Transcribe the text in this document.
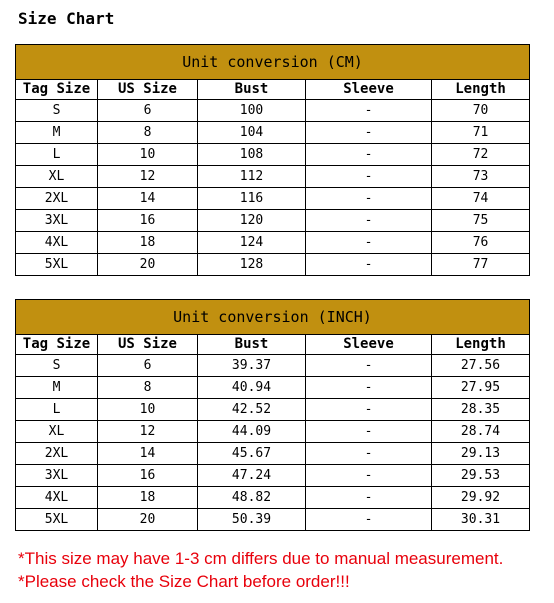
Size Chart
Unit conversion (CM)				
Tag Size	US Size	Bust	Sleeve	Length
S	6	100	-	70
M	8	104	-	71
L	10	108	-	72
XL	12	112	-	73
2XL	14	116	-	74
3XL	16	120	-	75
4XL	18	124	-	76
5XL	20	128	-	77
Unit conversion (INCH)				
Tag Size	US Size	Bust	Sleeve	Length
S	6	39.37	-	27.56
M	8	40.94	-	27.95
L	10	42.52	-	28.35
XL	12	44.09	-	28.74
2XL	14	45.67	-	29.13
3XL	16	47.24	-	29.53
4XL	18	48.82	-	29.92
5XL	20	50.39	-	30.31
*This size may have 1-3 cm differs due to manual measurement.
*Please check the Size Chart before order!!!
